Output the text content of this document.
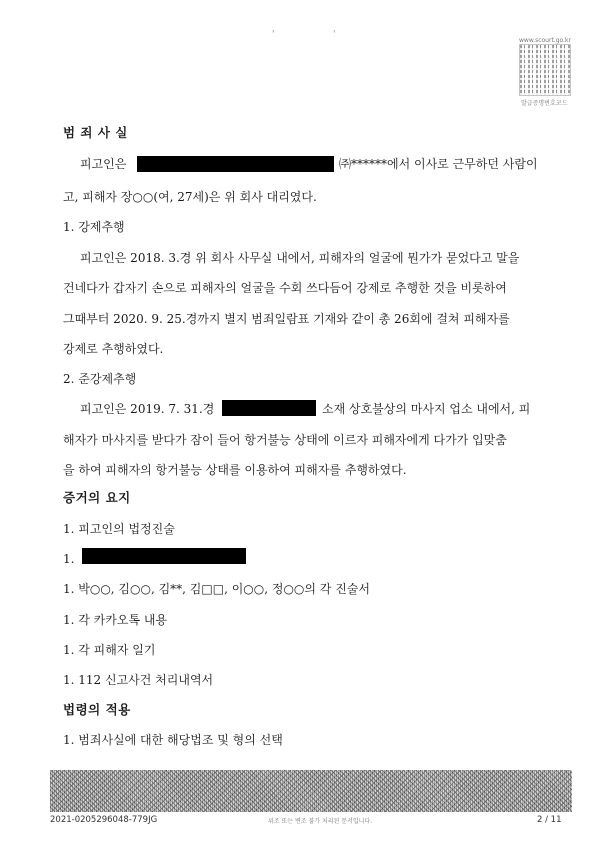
'	'
www.scourt.go.kr
발급증명번호코드
범 죄 사 실
피고인은	㈜******에서 이사로 근무하던 사람이
고, 피해자 장○○(여, 27세)은 위 회사 대리였다.
1. 강제추행
피고인은 2018. 3.경 위 회사 사무실 내에서, 피해자의 얼굴에 뭔가가 묻었다고 말을
건네다가 갑자기 손으로 피해자의 얼굴을 수회 쓰다듬어 강제로 추행한 것을 비롯하여
그때부터 2020. 9. 25.경까지 별지 범죄일람표 기재와 같이 총 26회에 걸쳐 피해자를
강제로 추행하였다.
2. 준강제추행
피고인은 2019. 7. 31.경	소재 상호불상의 마사지 업소 내에서, 피
해자가 마사지를 받다가 잠이 들어 항거불능 상태에 이르자 피해자에게 다가가 입맞춤
을 하여 피해자의 항거불능 상태를 이용하여 피해자를 추행하였다.
증거의 요지
1. 피고인의 법정진술
1.
1. 박○○, 김○○, 김**, 김□□, 이○○, 정○○의 각 진술서
1. 각 카카오톡 내용
1. 각 피해자 일기
1. 112 신고사건 처리내역서
법령의 적용
1. 범죄사실에 대한 해당법조 및 형의 선택
2021-0205296048-779JG	위조 또는 변조 불가 처리된 문서입니다.	2 / 11
